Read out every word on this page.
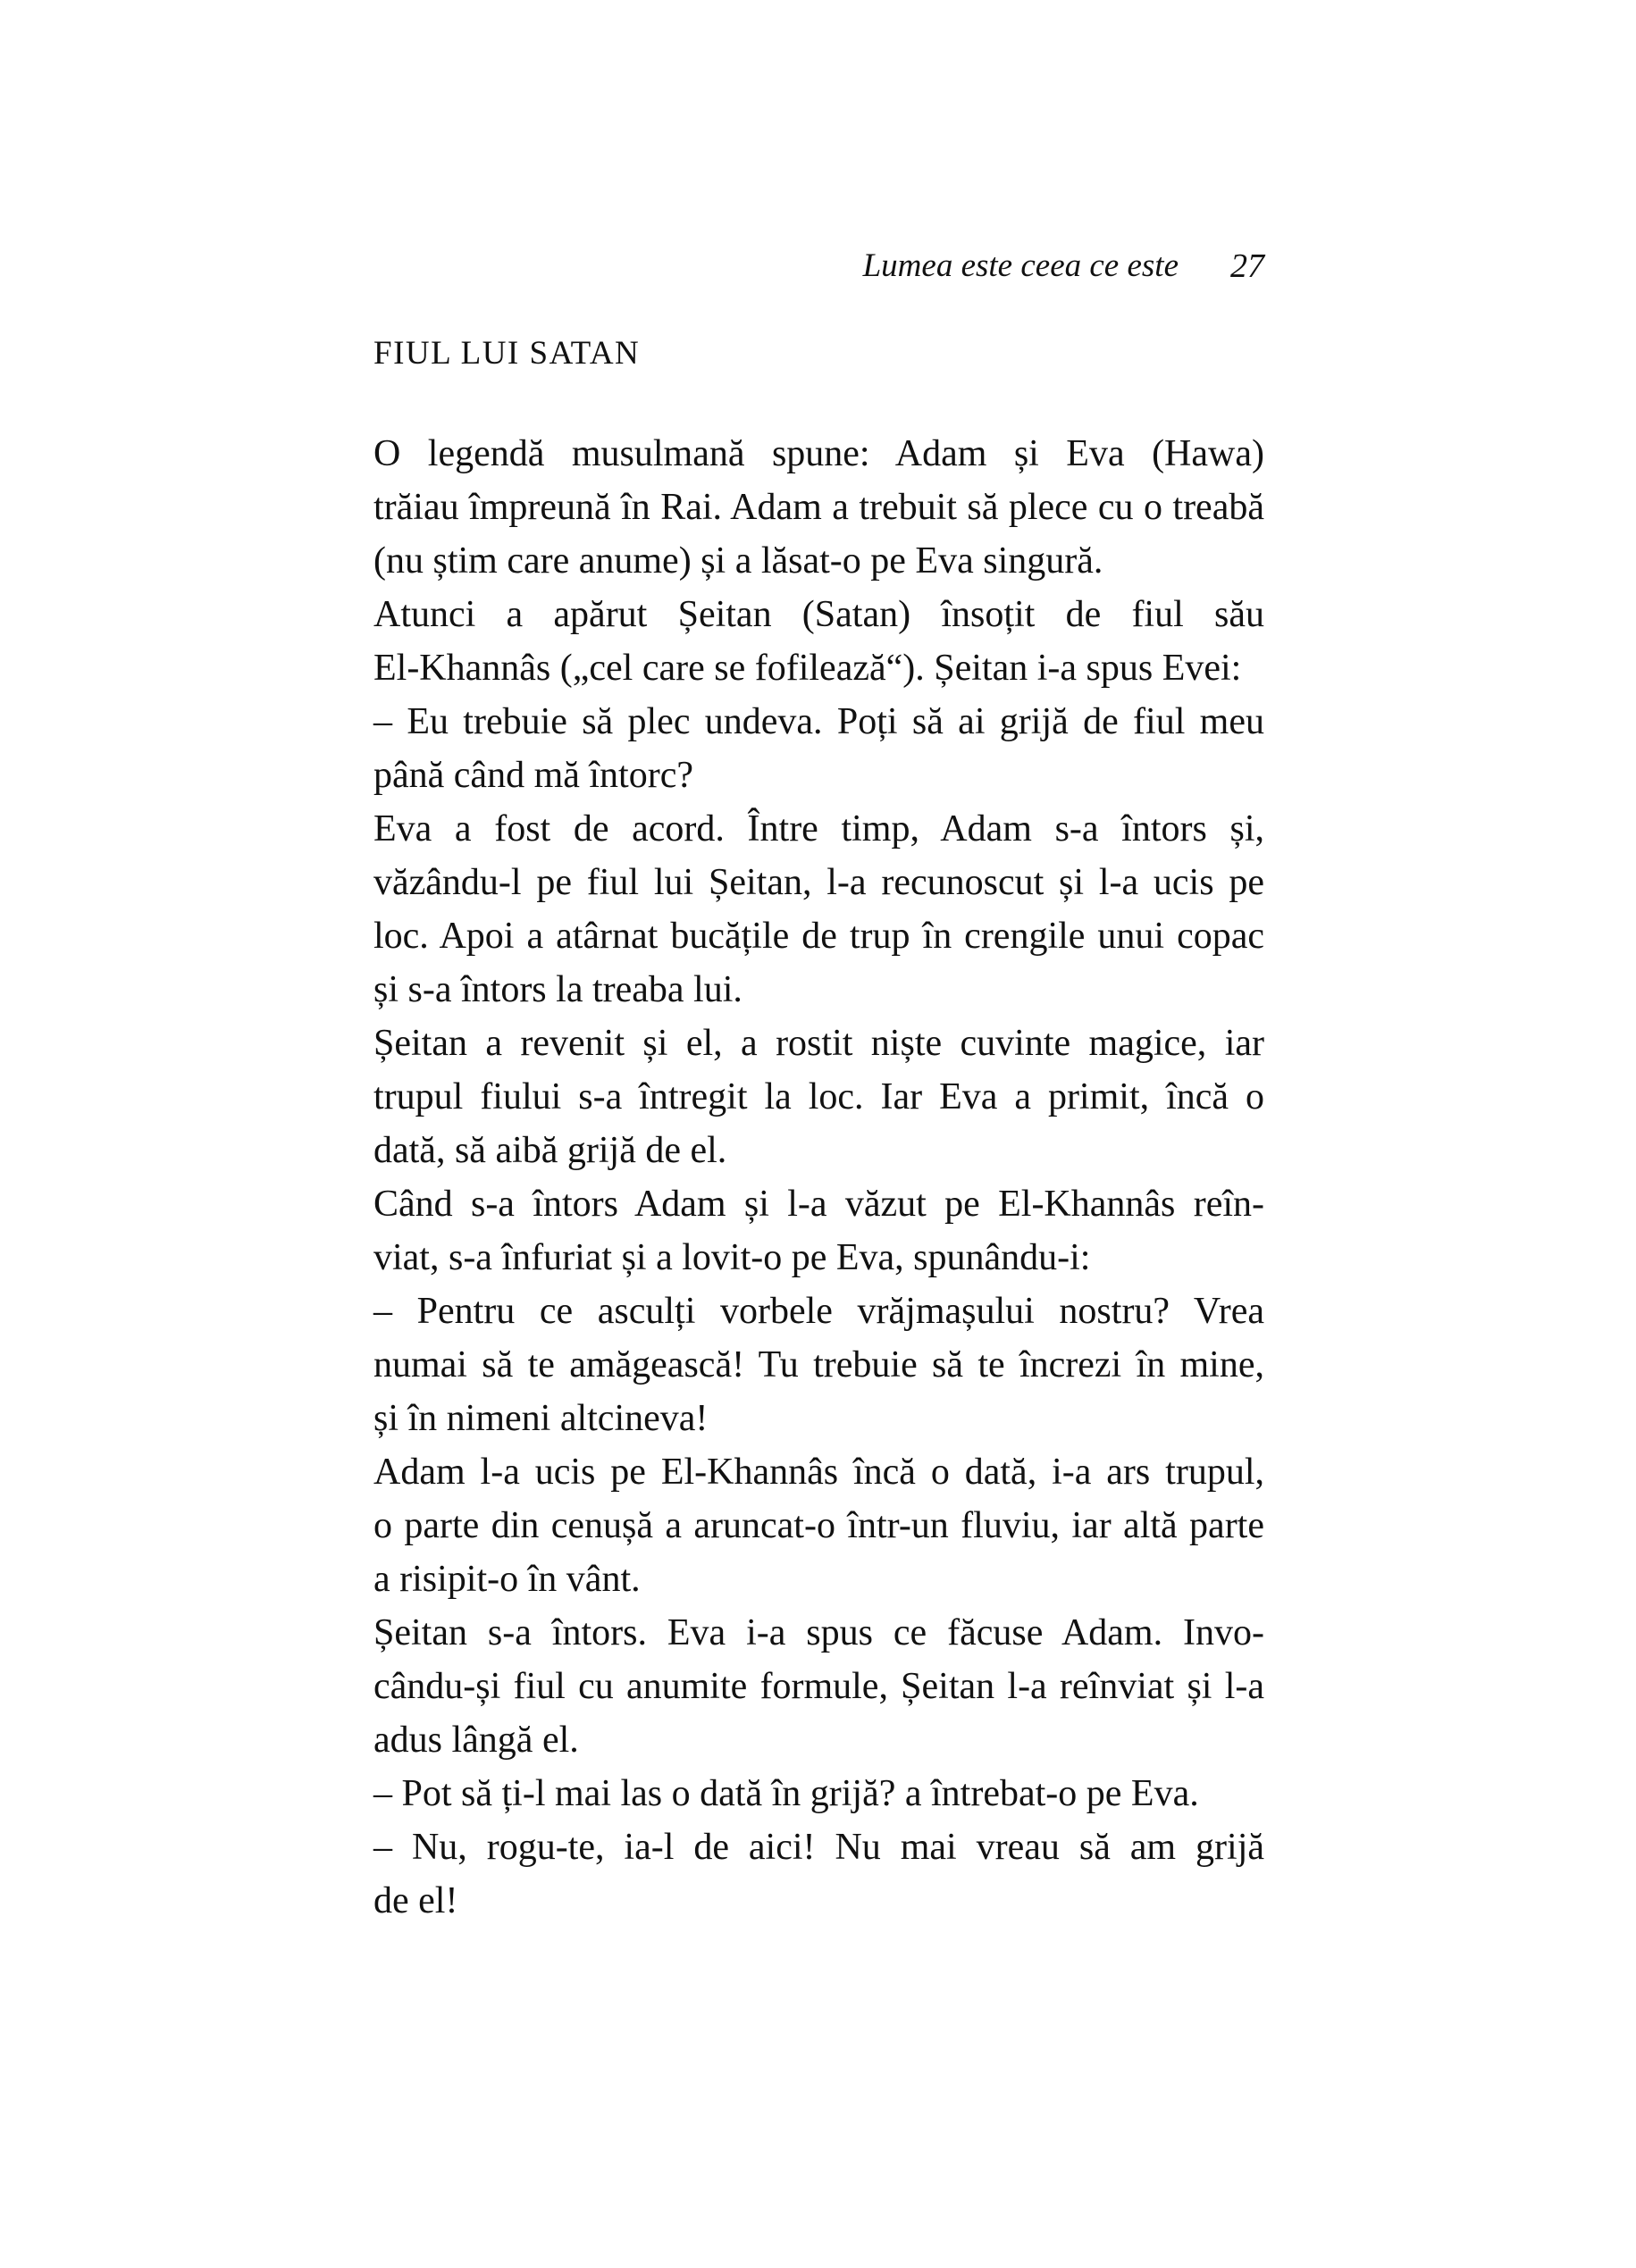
Lumea este ceea ce este 27
FIUL LUI SATAN

O legendă musulmană spune: Adam și Eva (Hawa)
trăiau împreună în Rai. Adam a trebuit să plece cu o treabă
(nu știm care anume) și a lăsat-o pe Eva singură.

Atunci a apărut Șeitan (Satan) însoțit de fiul său
El-Khannâs („cel care se fofilează“). Șeitan i-a spus Evei:

– Eu trebuie să plec undeva. Poți să ai grijă de fiul meu
până când mă întorc?

Eva a fost de acord. Între timp, Adam s-a întors și,
văzându-l pe fiul lui Șeitan, l-a recunoscut și l-a ucis pe
loc. Apoi a atârnat bucățile de trup în crengile unui copac
și s-a întors la treaba lui.

Șeitan a revenit și el, a rostit niște cuvinte magice, iar
trupul fiului s-a întregit la loc. Iar Eva a primit, încă o
dată, să aibă grijă de el.

Când s-a întors Adam și l-a văzut pe El-Khannâs reîn-
viat, s-a înfuriat și a lovit-o pe Eva, spunându-i:

– Pentru ce asculți vorbele vrăjmașului nostru? Vrea
numai să te amăgească! Tu trebuie să te încrezi în mine,
și în nimeni altcineva!

Adam l-a ucis pe El-Khannâs încă o dată, i-a ars trupul,
o parte din cenușă a aruncat-o într-un fluviu, iar altă parte
a risipit-o în vânt.

Șeitan s-a întors. Eva i-a spus ce făcuse Adam. Invo-
cându-și fiul cu anumite formule, Șeitan l-a reînviat și l-a
adus lângă el.

– Pot să ți-l mai las o dată în grijă? a întrebat-o pe Eva.

– Nu, rogu-te, ia-l de aici! Nu mai vreau să am grijă
de el!
